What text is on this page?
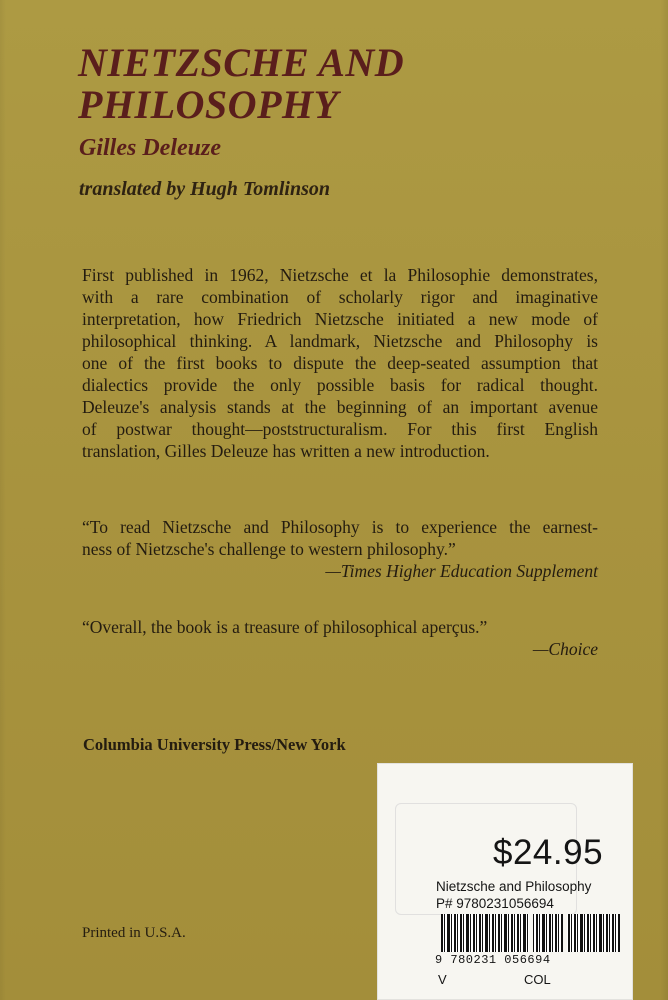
NIETZSCHE AND
PHILOSOPHY
Gilles Deleuze
translated by Hugh Tomlinson

First published in 1962, Nietzsche et la Philosophie demonstrates,
with a rare combination of scholarly rigor and imaginative
interpretation, how Friedrich Nietzsche initiated a new mode of
philosophical thinking. A landmark, Nietzsche and Philosophy is
one of the first books to dispute the deep-seated assumption that
dialectics provide the only possible basis for radical thought.
Deleuze's analysis stands at the beginning of an important avenue
of postwar thought—poststructuralism. For this first English
translation, Gilles Deleuze has written a new introduction.

“To read Nietzsche and Philosophy is to experience the earnest-
ness of Nietzsche's challenge to western philosophy.”
—Times Higher Education Supplement
“Overall, the book is a treasure of philosophical aperçus.”
—Choice
Columbia University Press/New York
Printed in U.S.A.
$24.95
Nietzsche and Philosophy
P# 9780231056694
9 780231 056694
V	COL
